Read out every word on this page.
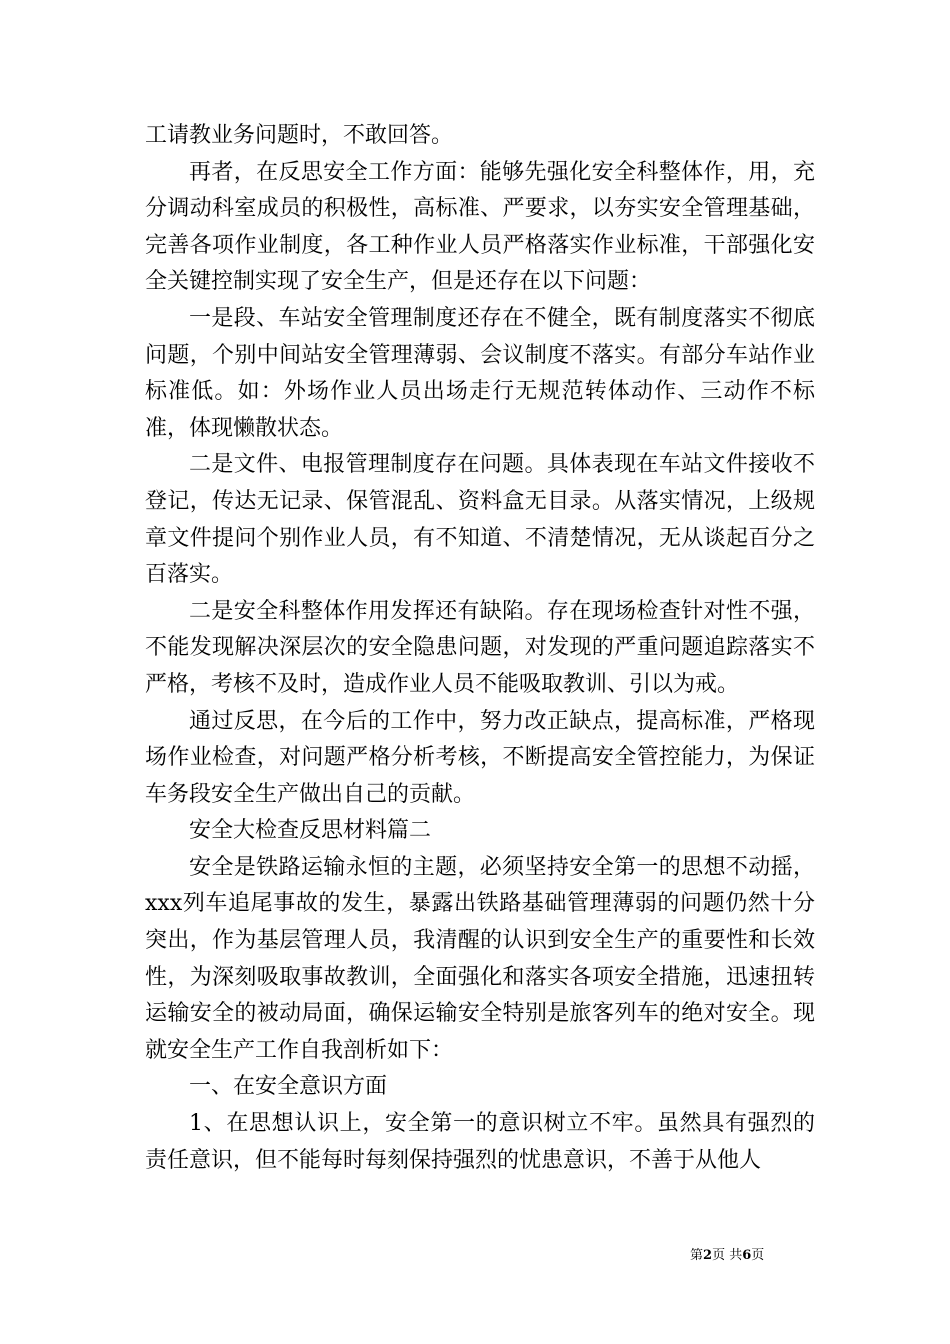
工请教业务问题时，不敢回答。

再者，在反思安全工作方面：能够先强化安全科整体作，用，充分调动科室成员的积极性，高标准、严要求，以夯实安全管理基础，完善各项作业制度，各工种作业人员严格落实作业标准，干部强化安全关键控制实现了安全生产，但是还存在以下问题：

一是段、车站安全管理制度还存在不健全，既有制度落实不彻底问题，个别中间站安全管理薄弱、会议制度不落实。有部分车站作业标准低。如：外场作业人员出场走行无规范转体动作、三动作不标准，体现懒散状态。

二是文件、电报管理制度存在问题。具体表现在车站文件接收不登记，传达无记录、保管混乱、资料盒无目录。从落实情况，上级规章文件提问个别作业人员，有不知道、不清楚情况，无从谈起百分之百落实。

二是安全科整体作用发挥还有缺陷。存在现场检查针对性不强，不能发现解决深层次的安全隐患问题，对发现的严重问题追踪落实不严格，考核不及时，造成作业人员不能吸取教训、引以为戒。

通过反思，在今后的工作中，努力改正缺点，提高标准，严格现场作业检查，对问题严格分析考核，不断提高安全管控能力，为保证车务段安全生产做出自己的贡献。

安全大检查反思材料篇二

安全是铁路运输永恒的主题，必须坚持安全第一的思想不动摇，xxx列车追尾事故的发生，暴露出铁路基础管理薄弱的问题仍然十分突出，作为基层管理人员，我清醒的认识到安全生产的重要性和长效性，为深刻吸取事故教训，全面强化和落实各项安全措施，迅速扭转运输安全的被动局面，确保运输安全特别是旅客列车的绝对安全。现就安全生产工作自我剖析如下：

一、在安全意识方面

1、在思想认识上，安全第一的意识树立不牢。虽然具有强烈的责任意识，但不能每时每刻保持强烈的忧患意识，不善于从他人

第2页 共6页
